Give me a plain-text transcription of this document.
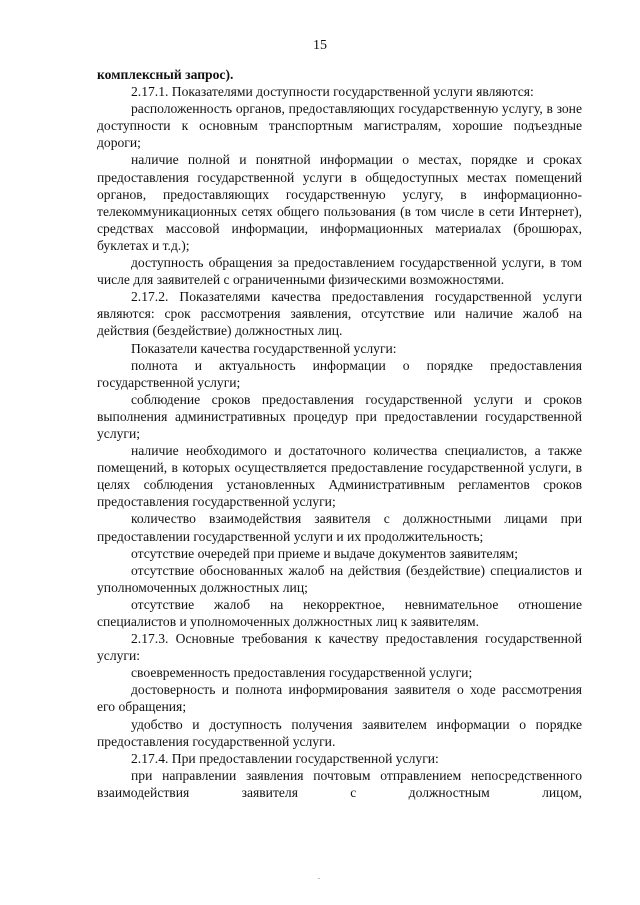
15

комплексный запрос).

2.17.1. Показателями доступности государственной услуги являются:

расположенность органов, предоставляющих государственную услугу, в зоне доступности к основным транспортным магистралям, хорошие подъездные дороги;

наличие полной и понятной информации о местах, порядке и сроках предоставления государственной услуги в общедоступных местах помещений органов, предоставляющих государственную услугу, в информационно-телекоммуникационных сетях общего пользования (в том числе в сети Интернет), средствах массовой информации, информационных материалах (брошюрах, буклетах и т.д.);

доступность обращения за предоставлением государственной услуги, в том числе для заявителей с ограниченными физическими возможностями.

2.17.2. Показателями качества предоставления государственной услуги являются: срок рассмотрения заявления, отсутствие или наличие жалоб на действия (бездействие) должностных лиц.

Показатели качества государственной услуги:

полнота и актуальность информации о порядке предоставления государственной услуги;

соблюдение сроков предоставления государственной услуги и сроков выполнения административных процедур при предоставлении государственной услуги;

наличие необходимого и достаточного количества специалистов, а также помещений, в которых осуществляется предоставление государственной услуги, в целях соблюдения установленных Административным регламентов сроков предоставления государственной услуги;

количество взаимодействия заявителя с должностными лицами при предоставлении государственной услуги и их продолжительность;

отсутствие очередей при приеме и выдаче документов заявителям;

отсутствие обоснованных жалоб на действия (бездействие) специалистов и уполномоченных должностных лиц;

отсутствие жалоб на некорректное, невнимательное отношение специалистов и уполномоченных должностных лиц к заявителям.

2.17.3. Основные требования к качеству предоставления государственной услуги:

своевременность предоставления государственной услуги;

достоверность и полнота информирования заявителя о ходе рассмотрения его обращения;

удобство и доступность получения заявителем информации о порядке предоставления государственной услуги.

2.17.4. При предоставлении государственной услуги:

при направлении заявления почтовым отправлением непосредственного взаимодействия заявителя с должностным лицом,
